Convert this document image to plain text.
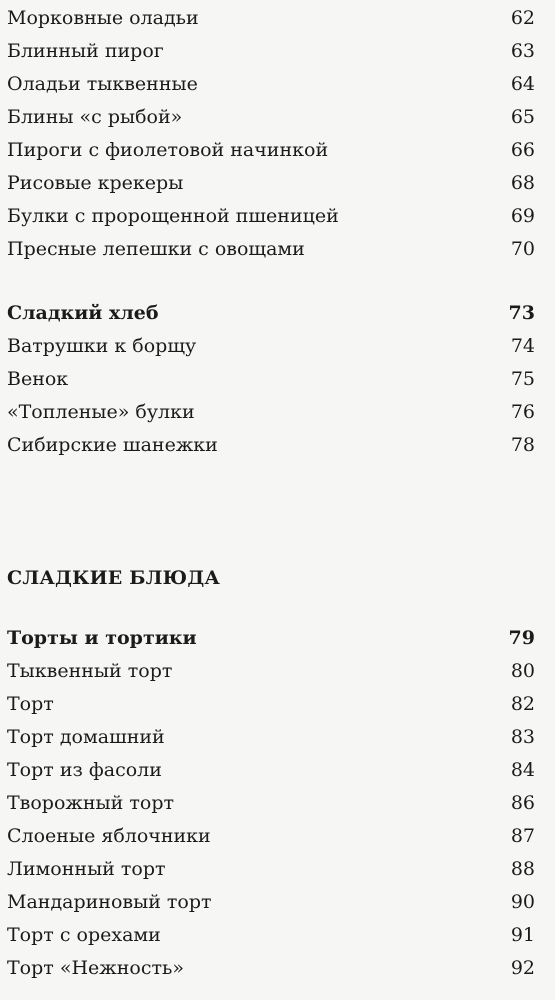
Морковные оладьи	62
Блинный пирог	63
Оладьи тыквенные	64
Блины «с рыбой»	65
Пироги с фиолетовой начинкой	66
Рисовые крекеры	68
Булки с пророщенной пшеницей	69
Пресные лепешки с овощами	70
Сладкий хлеб	73
Ватрушки к борщу	74
Венок	75
«Топленые» булки	76
Сибирские шанежки	78
СЛАДКИЕ БЛЮДА
Торты и тортики	79
Тыквенный торт	80
Торт	82
Торт домашний	83
Торт из фасоли	84
Творожный торт	86
Слоеные яблочники	87
Лимонный торт	88
Мандариновый торт	90
Торт с орехами	91
Торт «Нежность»	92
